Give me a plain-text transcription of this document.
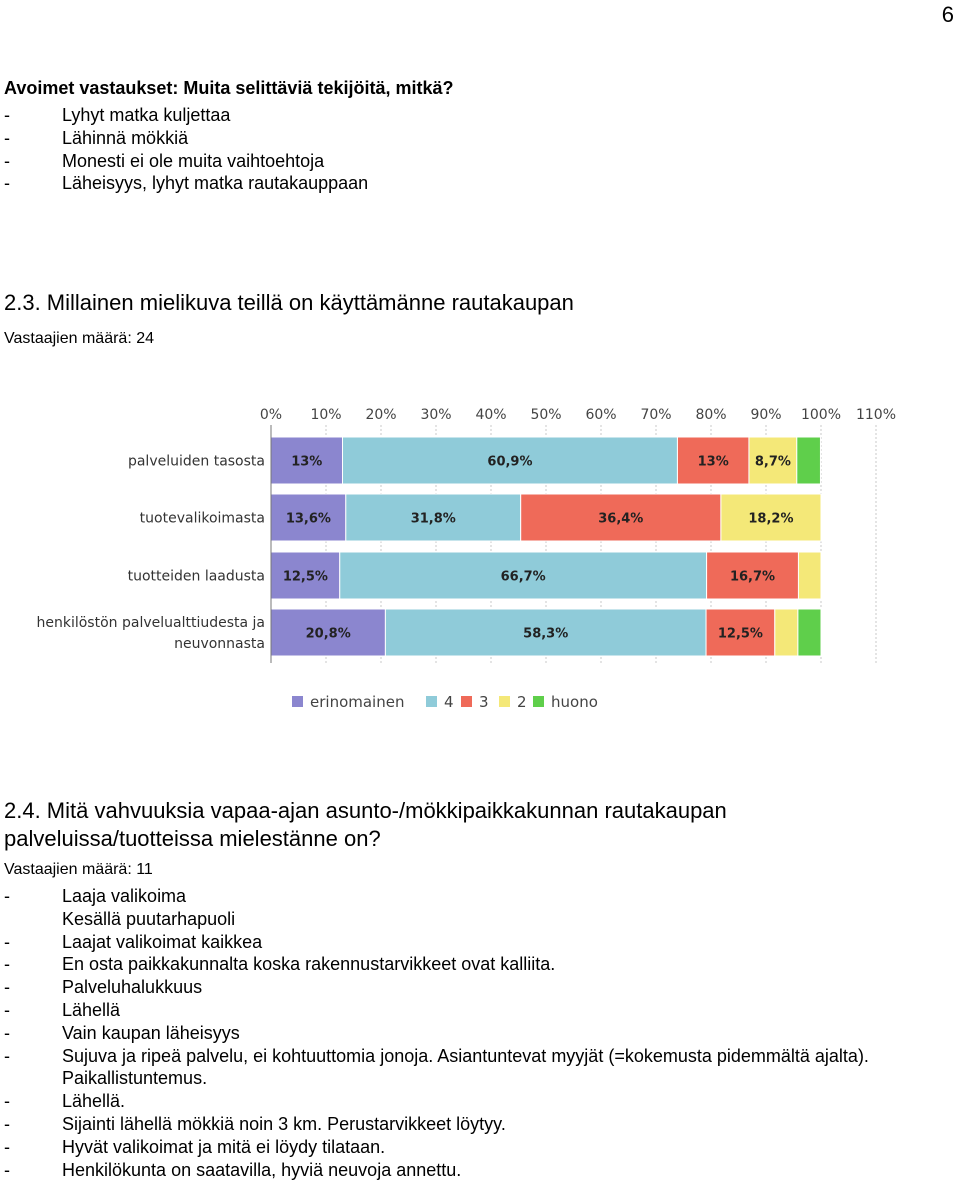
6
Avoimet vastaukset: Muita selittäviä tekijöitä, mitkä?
-	Lyhyt matka kuljettaa
-	Lähinnä mökkiä
-	Monesti ei ole muita vaihtoehtoja
-	Läheisyys, lyhyt matka rautakauppaan
2.3. Millainen mielikuva teillä on käyttämänne rautakaupan
Vastaajien määrä: 24
0% 10% 20% 30% 40% 50% 60% 70% 80% 90% 100% 110%
palveluiden tasosta
tuotevalikoimasta
tuotteiden laadusta
henkilöstön palvelualttiudesta ja
neuvonnasta
13%	60,9%	13% 8,7%
13,6%	31,8%	36,4%	18,2%
12,5%	66,7%	16,7%
20,8%	58,3%	12,5%
erinomainen	4 3 2 huono
2.4. Mitä vahvuuksia vapaa-ajan asunto-/mökkipaikkakunnan rautakaupan
palveluissa/tuotteissa mielestänne on?
Vastaajien määrä: 11
-	Laaja valikoima
Kesällä puutarhapuoli
-	Laajat valikoimat kaikkea
-	En osta paikkakunnalta koska rakennustarvikkeet ovat kalliita.
-	Palveluhalukkuus
-	Lähellä
-	Vain kaupan läheisyys
-	Sujuva ja ripeä palvelu, ei kohtuuttomia jonoja. Asiantuntevat myyjät (=kokemusta pidemmältä ajalta).
Paikallistuntemus.
-	Lähellä.
-	Sijainti lähellä mökkiä noin 3 km. Perustarvikkeet löytyy.
-	Hyvät valikoimat ja mitä ei löydy tilataan.
-	Henkilökunta on saatavilla, hyviä neuvoja annettu.
